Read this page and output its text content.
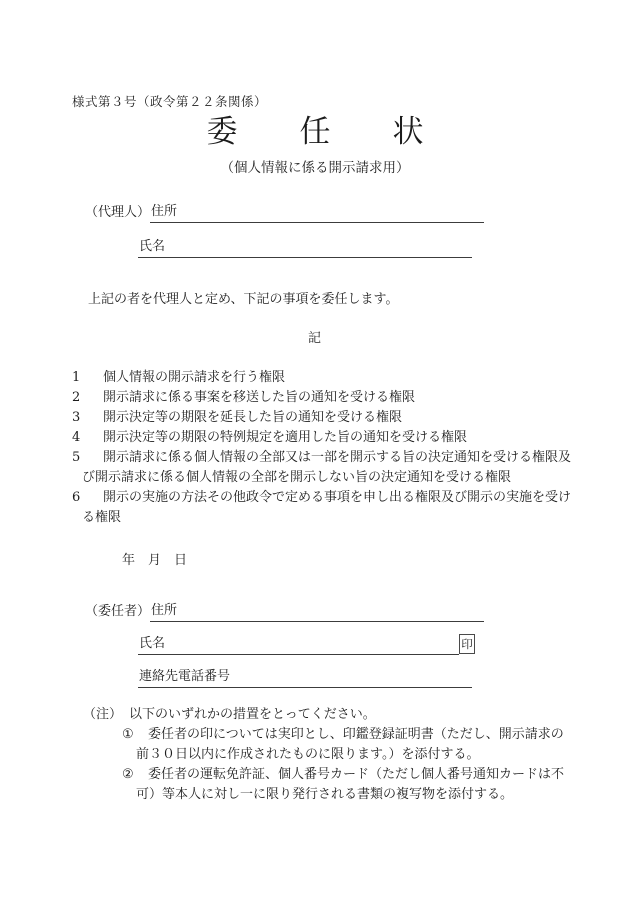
様式第３号（政令第２２条関係）
委　　任　　状
（個人情報に係る開示請求用）
（代理人） 住所
氏名
上記の者を代理人と定め、下記の事項を委任します。
記
1 個人情報の開示請求を行う権限
2 開示請求に係る事案を移送した旨の通知を受ける権限
3 開示決定等の期限を延長した旨の通知を受ける権限
4 開示決定等の期限の特例規定を適用した旨の通知を受ける権限
5 開示請求に係る個人情報の全部又は一部を開示する旨の決定通知を受ける権限及び開示請求に係る個人情報の全部を開示しない旨の決定通知を受ける権限
6 開示の実施の方法その他政令で定める事項を申し出る権限及び開示の実施を受ける権限
年　月　日
（委任者） 住所
氏名	印
連絡先電話番号
（注） 以下のいずれかの措置をとってください。
① 委任者の印については実印とし、印鑑登録証明書（ただし、開示請求の前３０日以内に作成されたものに限ります。）を添付する。
② 委任者の運転免許証、個人番号カード（ただし個人番号通知カードは不可）等本人に対し一に限り発行される書類の複写物を添付する。
